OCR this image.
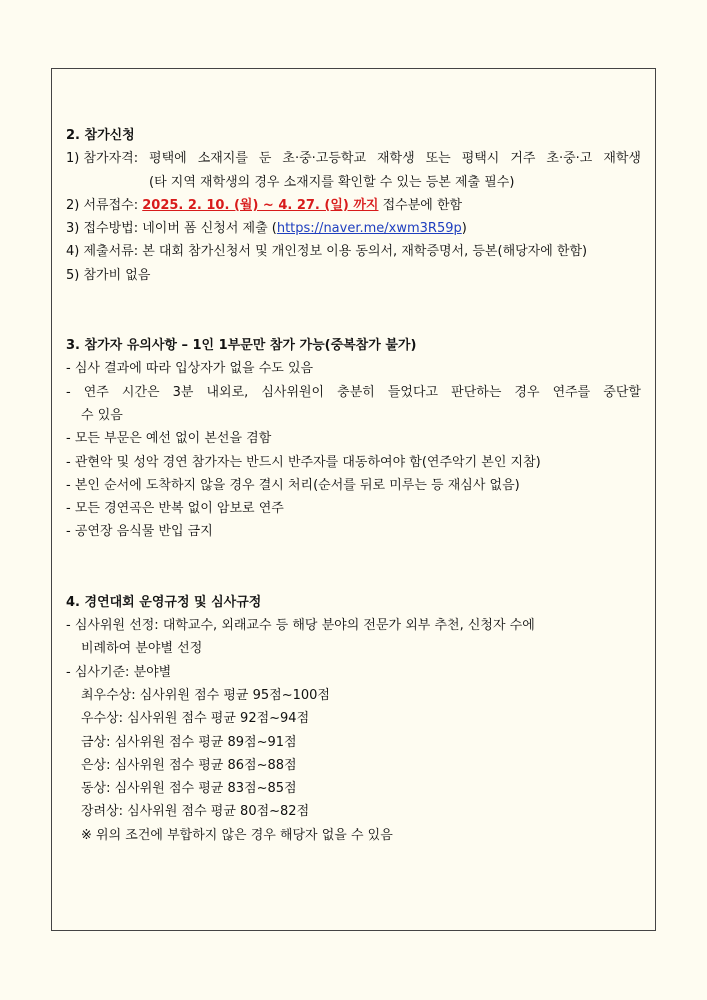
2. 참가신청
1) 참가자격: 평택에 소재지를 둔 초·중·고등학교 재학생 또는 평택시 거주 초·중·고 재학생
(타 지역 재학생의 경우 소재지를 확인할 수 있는 등본 제출 필수)
2) 서류접수: 2025. 2. 10. (월) ~ 4. 27. (일) 까지 접수분에 한함
3) 접수방법: 네이버 폼 신청서 제출 (https://naver.me/xwm3R59p)
4) 제출서류: 본 대회 참가신청서 및 개인정보 이용 동의서, 재학증명서, 등본(해당자에 한함)
5) 참가비 없음
3. 참가자 유의사항 – 1인 1부문만 참가 가능(중복참가 불가)
- 심사 결과에 따라 입상자가 없을 수도 있음
- 연주 시간은 3분 내외로, 심사위원이 충분히 들었다고 판단하는 경우 연주를 중단할
수 있음
- 모든 부문은 예선 없이 본선을 겸함
- 관현악 및 성악 경연 참가자는 반드시 반주자를 대동하여야 함(연주악기 본인 지참)
- 본인 순서에 도착하지 않을 경우 결시 처리(순서를 뒤로 미루는 등 재심사 없음)
- 모든 경연곡은 반복 없이 암보로 연주
- 공연장 음식물 반입 금지
4. 경연대회 운영규정 및 심사규정
- 심사위원 선정: 대학교수, 외래교수 등 해당 분야의 전문가 외부 추천, 신청자 수에
비례하여 분야별 선정
- 심사기준: 분야별
최우수상: 심사위원 점수 평균 95점~100점
우수상: 심사위원 점수 평균 92점~94점
금상: 심사위원 점수 평균 89점~91점
은상: 심사위원 점수 평균 86점~88점
동상: 심사위원 점수 평균 83점~85점
장려상: 심사위원 점수 평균 80점~82점
※ 위의 조건에 부합하지 않은 경우 해당자 없을 수 있음
